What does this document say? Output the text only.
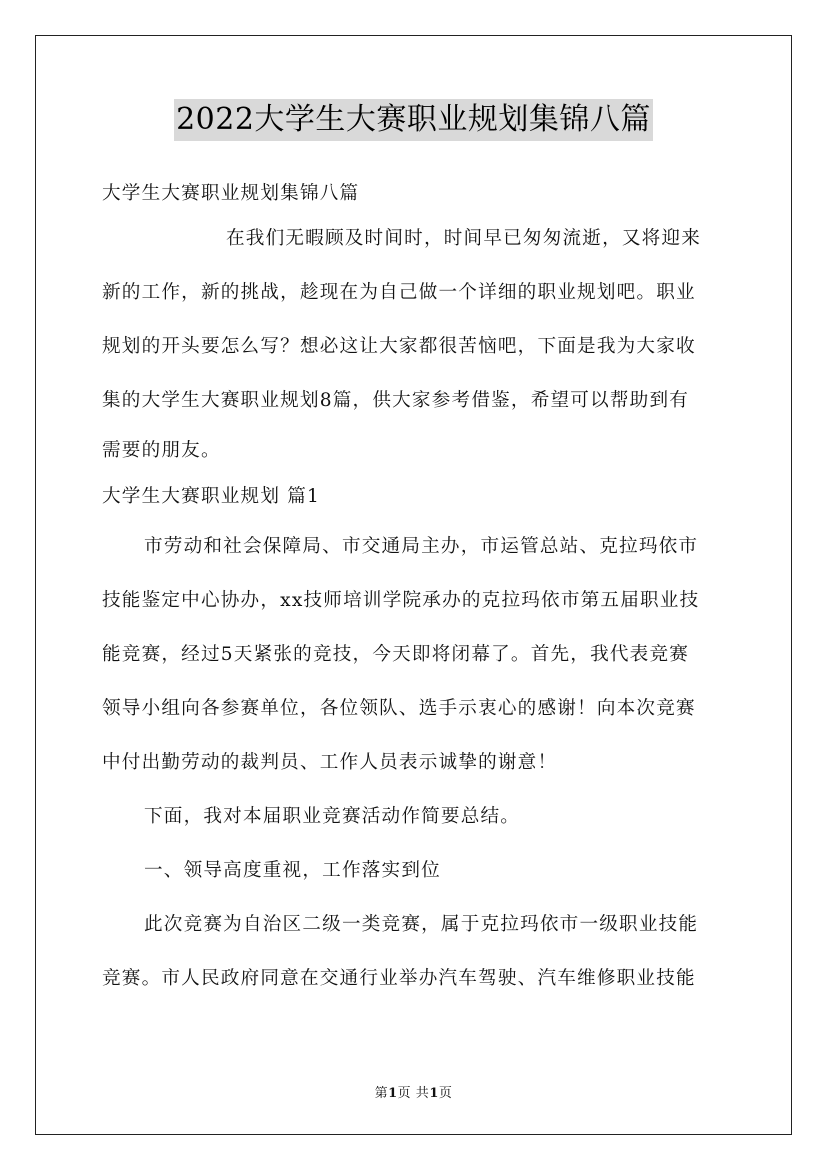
2022大学生大赛职业规划集锦八篇
大学生大赛职业规划集锦八篇
在我们无暇顾及时间时，时间早已匆匆流逝，又将迎来
新的工作，新的挑战，趁现在为自己做一个详细的职业规划吧。职业
规划的开头要怎么写？想必这让大家都很苦恼吧，下面是我为大家收
集的大学生大赛职业规划8篇，供大家参考借鉴，希望可以帮助到有
需要的朋友。
大学生大赛职业规划 篇1
市劳动和社会保障局、市交通局主办，市运管总站、克拉玛依市
技能鉴定中心协办，xx技师培训学院承办的克拉玛依市第五届职业技
能竞赛，经过5天紧张的竞技，今天即将闭幕了。首先，我代表竞赛
领导小组向各参赛单位，各位领队、选手示衷心的感谢！向本次竞赛
中付出勤劳动的裁判员、工作人员表示诚挚的谢意！
下面，我对本届职业竞赛活动作简要总结。
一、领导高度重视，工作落实到位
此次竞赛为自治区二级一类竞赛，属于克拉玛依市一级职业技能
竞赛。市人民政府同意在交通行业举办汽车驾驶、汽车维修职业技能
第1页 共1页
